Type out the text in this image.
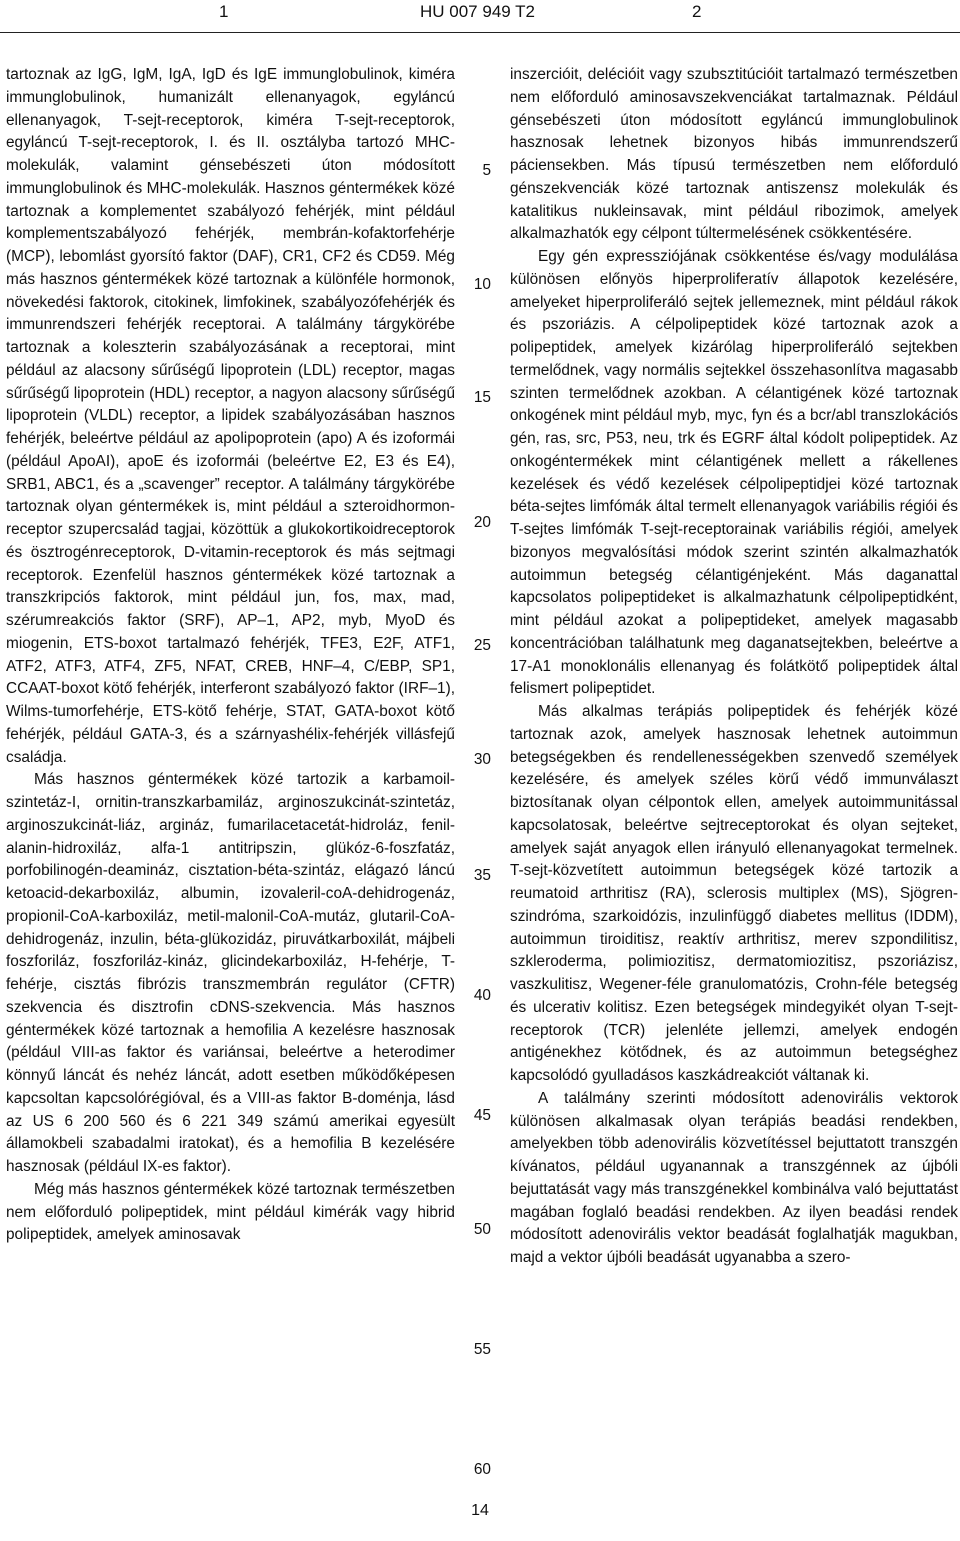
1	HU 007 949 T2	2

tartoznak az IgG, IgM, IgA, IgD és IgE immunglobulinok, kiméra immunglobulinok, humanizált ellenanyagok, egyláncú ellenanyagok, T-sejt-receptorok, kiméra T-sejt-receptorok, egyláncú T-sejt-receptorok, I. és II. osztályba tartozó MHC-molekulák, valamint génsebészeti úton módosított immunglobulinok és MHC-molekulák. Hasznos géntermékek közé tartoznak a komplementet szabályozó fehérjék, mint például komplementszabályozó fehérjék, membrán-kofaktorfehérje (MCP), lebomlást gyorsító faktor (DAF), CR1, CF2 és CD59. Még más hasznos géntermékek közé tartoznak a különféle hormonok, növekedési faktorok, citokinek, limfokinek, szabályozófehérjék és immunrendszeri fehérjék receptorai. A találmány tárgykörébe tartoznak a koleszterin szabályozásának a receptorai, mint például az alacsony sűrűségű lipoprotein (LDL) receptor, magas sűrűségű lipoprotein (HDL) receptor, a nagyon alacsony sűrűségű lipoprotein (VLDL) receptor, a lipidek szabályozásában hasznos fehérjék, beleértve például az apolipoprotein (apo) A és izoformái (például ApoAI), apoE és izoformái (beleértve E2, E3 és E4), SRB1, ABC1, és a „scavenger” receptor. A találmány tárgykörébe tartoznak olyan géntermékek is, mint például a szteroidhormon-receptor szupercsalád tagjai, közöttük a glukokortikoidreceptorok és ösztrogénreceptorok, D-vitamin-receptorok és más sejtmagi receptorok. Ezenfelül hasznos géntermékek közé tartoznak a transzkripciós faktorok, mint például jun, fos, max, mad, szérumreakciós faktor (SRF), AP–1, AP2, myb, MyoD és miogenin, ETS-boxot tartalmazó fehérjék, TFE3, E2F, ATF1, ATF2, ATF3, ATF4, ZF5, NFAT, CREB, HNF–4, C/EBP, SP1, CCAAT-boxot kötő fehérjék, interferont szabályozó faktor (IRF–1), Wilms-tumorfehérje, ETS-kötő fehérje, STAT, GATA-boxot kötő fehérjék, például GATA-3, és a szárnyashélix-fehérjék villásfejű családja.

Más hasznos géntermékek közé tartozik a karbamoil-szintetáz-I, ornitin-transzkarbamiláz, arginoszukcinát-szintetáz, arginoszukcinát-liáz, argináz, fumarilacetacetát-hidroláz, fenil-alanin-hidroxiláz, alfa-1 antitripszin, glükóz-6-foszfatáz, porfobilinogén-deamináz, cisztation-béta-szintáz, elágazó láncú ketoacid-dekarboxiláz, albumin, izovaleril-coA-dehidrogenáz, propionil-CoA-karboxiláz, metil-malonil-CoA-mutáz, glutaril-CoA-dehidrogenáz, inzulin, béta-glükozidáz, piruvátkarboxilát, májbeli foszforiláz, foszforiláz-kináz, glicindekarboxiláz, H-fehérje, T-fehérje, cisztás fibrózis transzmembrán regulátor (CFTR) szekvencia és disztrofin cDNS-szekvencia. Más hasznos géntermékek közé tartoznak a hemofilia A kezelésre hasznosak (például VIII-as faktor és variánsai, beleértve a heterodimer könnyű láncát és nehéz láncát, adott esetben működőképesen kapcsoltan kapcsolórégióval, és a VIII-as faktor B-doménja, lásd az US 6 200 560 és 6 221 349 számú amerikai egyesült államokbeli szabadalmi iratokat), és a hemofilia B kezelésére hasznosak (például IX-es faktor).

Még más hasznos géntermékek közé tartoznak természetben nem előforduló polipeptidek, mint például kimérák vagy hibrid polipeptidek, amelyek aminosavak

inszercióit, delécióit vagy szubsztitúcióit tartalmazó természetben nem előforduló aminosavszekvenciákat tartalmaznak. Például génsebészeti úton módosított egyláncú immunglobulinok hasznosak lehetnek bizonyos hibás immunrendszerű páciensekben. Más típusú természetben nem előforduló génszekvenciák közé tartoznak antiszensz molekulák és katalitikus nukleinsavak, mint például ribozimok, amelyek alkalmazhatók egy célpont túltermelésének csökkentésére.

Egy gén expressziójának csökkentése és/vagy modulálása különösen előnyös hiperproliferatív állapotok kezelésére, amelyeket hiperproliferáló sejtek jellemeznek, mint például rákok és pszoriázis. A célpolipeptidek közé tartoznak azok a polipeptidek, amelyek kizárólag hiperproliferáló sejtekben termelődnek, vagy normális sejtekkel összehasonlítva magasabb szinten termelődnek azokban. A célantigének közé tartoznak onkogének mint például myb, myc, fyn és a bcr/abl transzlokációs gén, ras, src, P53, neu, trk és EGRF által kódolt polipeptidek. Az onkogéntermékek mint célantigének mellett a rákellenes kezelések és védő kezelések célpolipeptidjei közé tartoznak béta-sejtes limfómák által termelt ellenanyagok variábilis régiói és T-sejtes limfómák T-sejt-receptorainak variábilis régiói, amelyek bizonyos megvalósítási módok szerint szintén alkalmazhatók autoimmun betegség célantigénjeként. Más daganattal kapcsolatos polipeptideket is alkalmazhatunk célpolipeptidként, mint például azokat a polipeptideket, amelyek magasabb koncentrációban találhatunk meg daganatsejtekben, beleértve a 17-A1 monoklonális ellenanyag és folátkötő polipeptidek által felismert polipeptidet.

Más alkalmas terápiás polipeptidek és fehérjék közé tartoznak azok, amelyek hasznosak lehetnek autoimmun betegségekben és rendellenességekben szenvedő személyek kezelésére, és amelyek széles körű védő immunválaszt biztosítanak olyan célpontok ellen, amelyek autoimmunitással kapcsolatosak, beleértve sejtreceptorokat és olyan sejteket, amelyek saját anyagok ellen irányuló ellenanyagokat termelnek. T-sejt-közvetített autoimmun betegségek közé tartozik a reumatoid arthritisz (RA), sclerosis multiplex (MS), Sjögren-szindróma, szarkoidózis, inzulinfüggő diabetes mellitus (IDDM), autoimmun tiroiditisz, reaktív arthritisz, merev szpondilitisz, szkleroderma, polimiozitisz, dermatomiozitisz, pszoriázisz, vaszkulitisz, Wegener-féle granulomatózis, Crohn-féle betegség és ulcerativ kolitisz. Ezen betegségek mindegyikét olyan T-sejt-receptorok (TCR) jelenléte jellemzi, amelyek endogén antigénekhez kötődnek, és az autoimmun betegséghez kapcsolódó gyulladásos kaszkádreakciót váltanak ki.

A találmány szerinti módosított adenovirális vektorok különösen alkalmasak olyan terápiás beadási rendekben, amelyekben több adenovirális közvetítéssel bejuttatott transzgén kívánatos, például ugyanannak a transzgénnek az újbóli bejuttatását vagy más transzgénekkel kombinálva való bejuttatást magában foglaló beadási rendekben. Az ilyen beadási rendek módosított adenovirális vektor beadását foglalhatják magukban, majd a vektor újbóli beadását ugyanabba a szero-

5
10
15
20
25
30
35
40
45
50
55
60
14
